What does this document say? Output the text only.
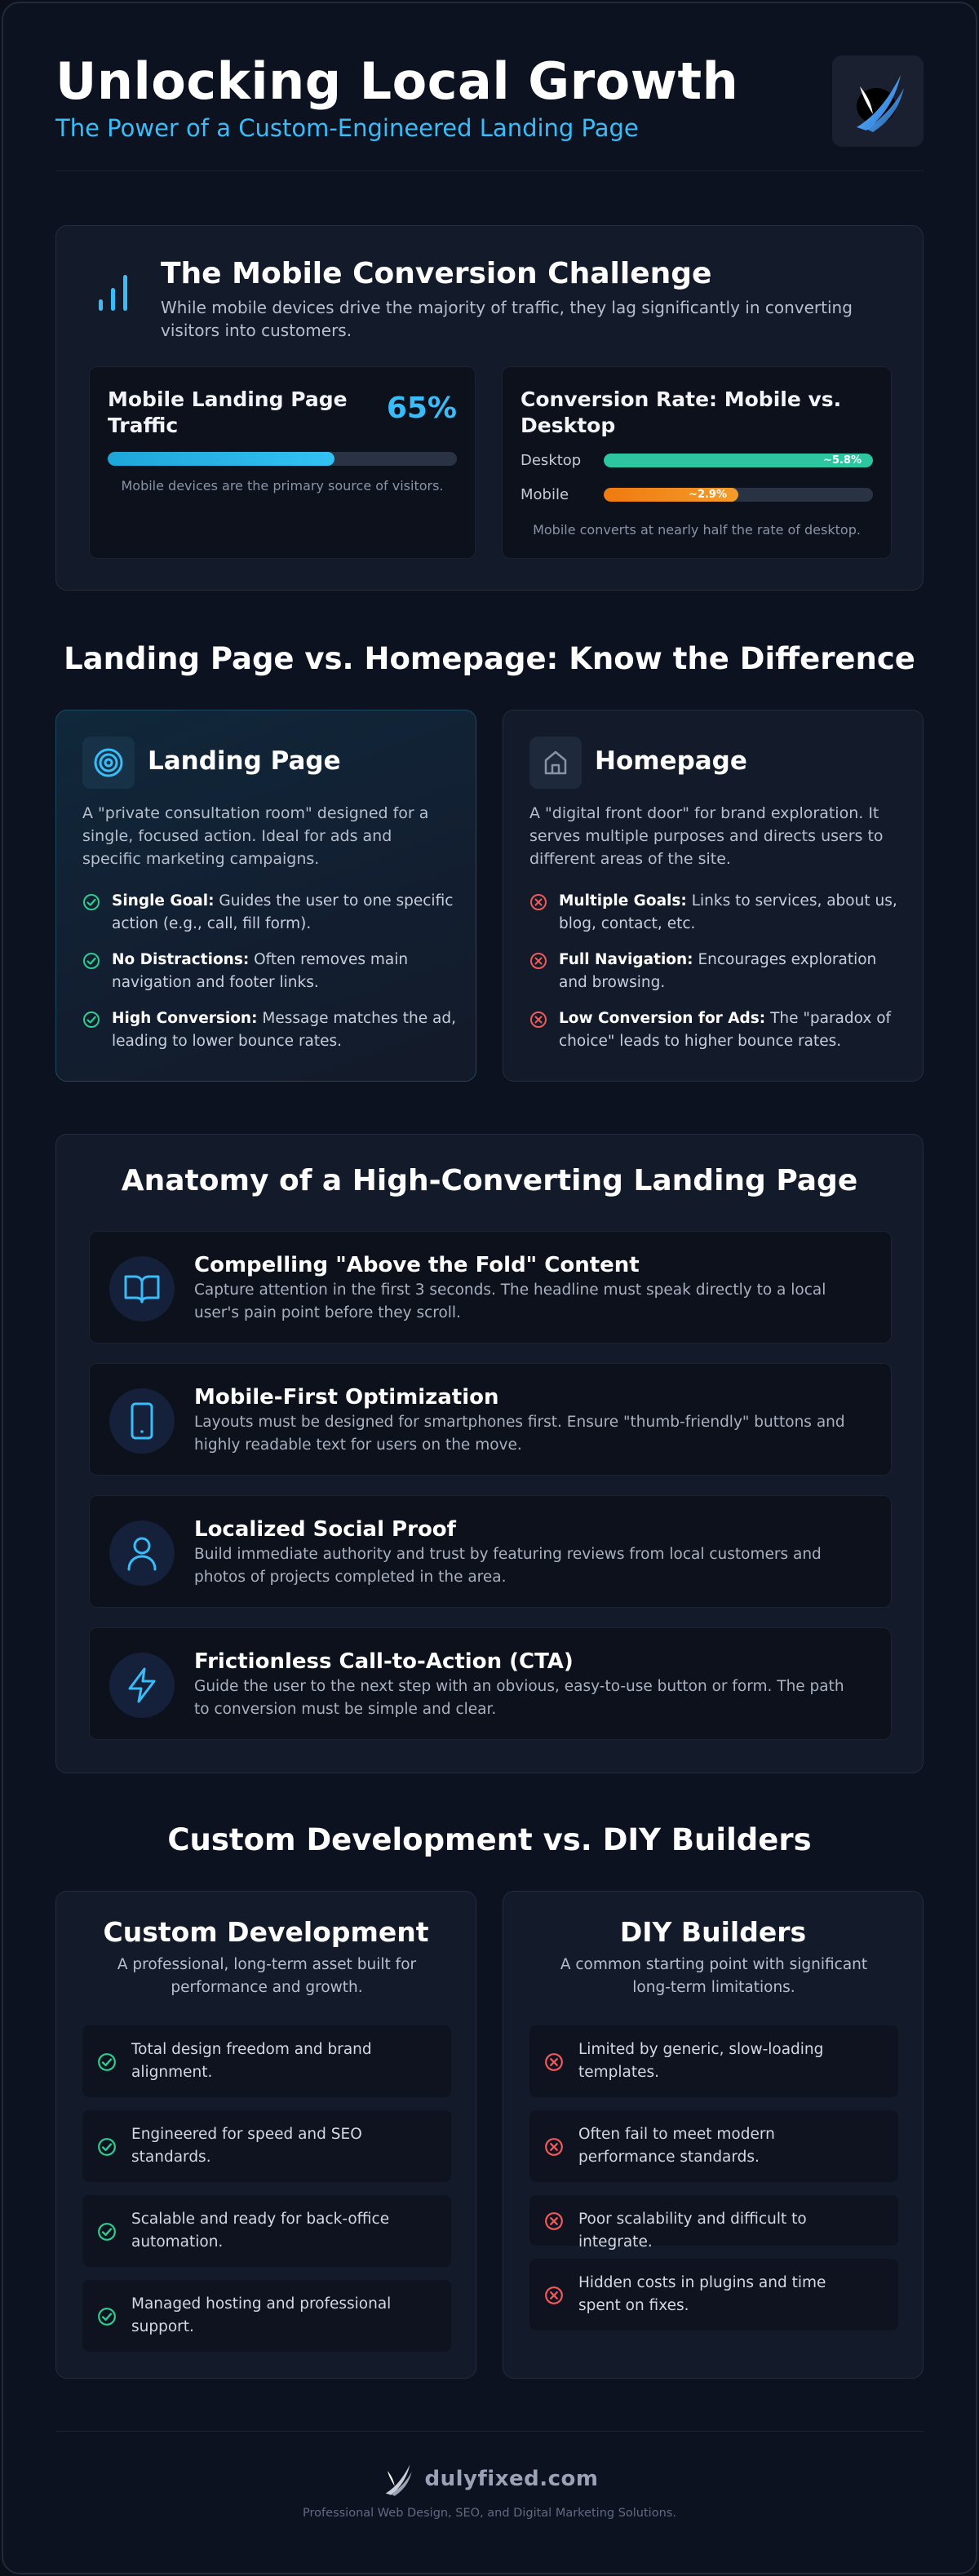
Unlocking Local Growth
The Power of a Custom-Engineered Landing Page
The Mobile Conversion Challenge
While mobile devices drive the majority of traffic, they lag significantly in converting visitors into customers.
Mobile Landing Page Traffic
65%
Mobile devices are the primary source of visitors.
Conversion Rate: Mobile vs. Desktop
Desktop	~5.8%
Mobile	~2.9%
Mobile converts at nearly half the rate of desktop.
Landing Page vs. Homepage: Know the Difference
Landing Page
A "private consultation room" designed for a single, focused action. Ideal for ads and specific marketing campaigns.
Single Goal: Guides the user to one specific action (e.g., call, fill form).
No Distractions: Often removes main navigation and footer links.
High Conversion: Message matches the ad, leading to lower bounce rates.
Homepage
A "digital front door" for brand exploration. It serves multiple purposes and directs users to different areas of the site.
Multiple Goals: Links to services, about us, blog, contact, etc.
Full Navigation: Encourages exploration and browsing.
Low Conversion for Ads: The "paradox of choice" leads to higher bounce rates.
Anatomy of a High-Converting Landing Page
Compelling "Above the Fold" Content
Capture attention in the first 3 seconds. The headline must speak directly to a local user's pain point before they scroll.
Mobile-First Optimization
Layouts must be designed for smartphones first. Ensure "thumb-friendly" buttons and highly readable text for users on the move.
Localized Social Proof
Build immediate authority and trust by featuring reviews from local customers and photos of projects completed in the area.
Frictionless Call-to-Action (CTA)
Guide the user to the next step with an obvious, easy-to-use button or form. The path to conversion must be simple and clear.
Custom Development vs. DIY Builders
Custom Development
A professional, long-term asset built for performance and growth.
Total design freedom and brand alignment.
Engineered for speed and SEO standards.
Scalable and ready for back-office automation.
Managed hosting and professional support.
DIY Builders
A common starting point with significant long-term limitations.
Limited by generic, slow-loading templates.
Often fail to meet modern performance standards.
Poor scalability and difficult to integrate.
Hidden costs in plugins and time spent on fixes.
dulyfixed.com
Professional Web Design, SEO, and Digital Marketing Solutions.
